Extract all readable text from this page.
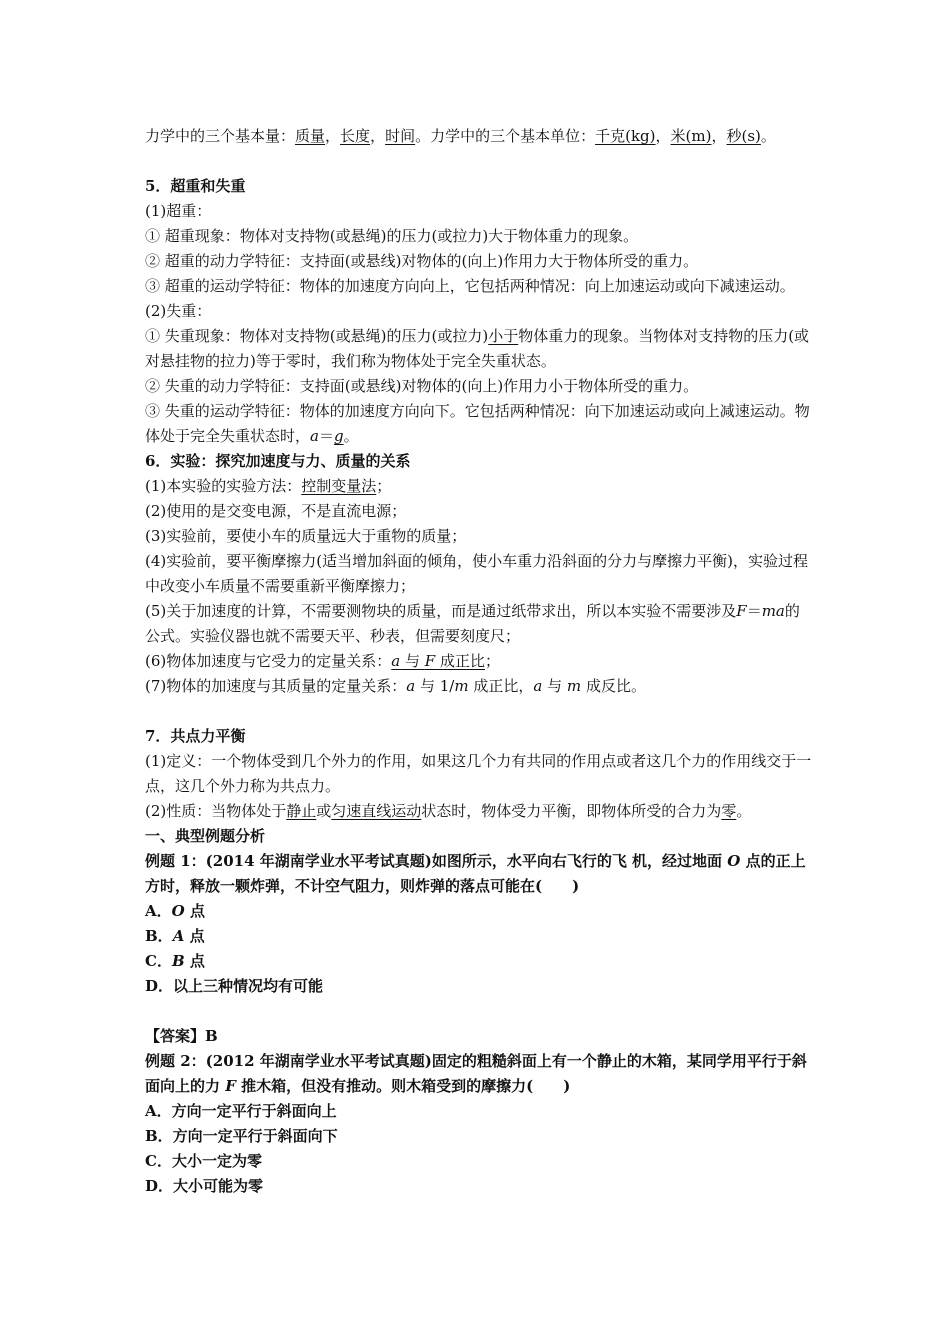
力学中的三个基本量：质量，长度，时间。力学中的三个基本单位：千克(kg)，米(m)，秒(s)。

5．超重和失重

(1)超重：

① 超重现象：物体对支持物(或悬绳)的压力(或拉力)大于物体重力的现象。

② 超重的动力学特征：支持面(或悬线)对物体的(向上)作用力大于物体所受的重力。

③ 超重的运动学特征：物体的加速度方向向上，它包括两种情况：向上加速运动或向下减速运动。

(2)失重：

① 失重现象：物体对支持物(或悬绳)的压力(或拉力)小于物体重力的现象。当物体对支持物的压力(或对悬挂物的拉力)等于零时，我们称为物体处于完全失重状态。

② 失重的动力学特征：支持面(或悬线)对物体的(向上)作用力小于物体所受的重力。

③ 失重的运动学特征：物体的加速度方向向下。它包括两种情况：向下加速运动或向上减速运动。物体处于完全失重状态时，a＝g。

6．实验：探究加速度与力、质量的关系

(1)本实验的实验方法：控制变量法；

(2)使用的是交变电源，不是直流电源；

(3)实验前，要使小车的质量远大于重物的质量；

(4)实验前，要平衡摩擦力(适当增加斜面的倾角，使小车重力沿斜面的分力与摩擦力平衡)，实验过程中改变小车质量不需要重新平衡摩擦力；

(5)关于加速度的计算，不需要测物块的质量，而是通过纸带求出，所以本实验不需要涉及F＝ma的公式。实验仪器也就不需要天平、秒表，但需要刻度尺；

(6)物体加速度与它受力的定量关系：a 与 F 成正比；

(7)物体的加速度与其质量的定量关系：a 与 1/m 成正比，a 与 m 成反比。

7．共点力平衡

(1)定义：一个物体受到几个外力的作用，如果这几个力有共同的作用点或者这几个力的作用线交于一点，这几个外力称为共点力。

(2)性质：当物体处于静止或匀速直线运动状态时，物体受力平衡，即物体所受的合力为零。

一、典型例题分析

例题 1：(2014 年湖南学业水平考试真题)如图所示，水平向右飞行的飞 机，经过地面 O 点的正上方时，释放一颗炸弹，不计空气阻力，则炸弹的落点可能在(　　)

A．O 点

B．A 点

C．B 点

D．以上三种情况均有可能

【答案】B

例题 2：(2012 年湖南学业水平考试真题)固定的粗糙斜面上有一个静止的木箱，某同学用平行于斜面向上的力 F 推木箱，但没有推动。则木箱受到的摩擦力(　　)

A．方向一定平行于斜面向上

B．方向一定平行于斜面向下

C．大小一定为零

D．大小可能为零
